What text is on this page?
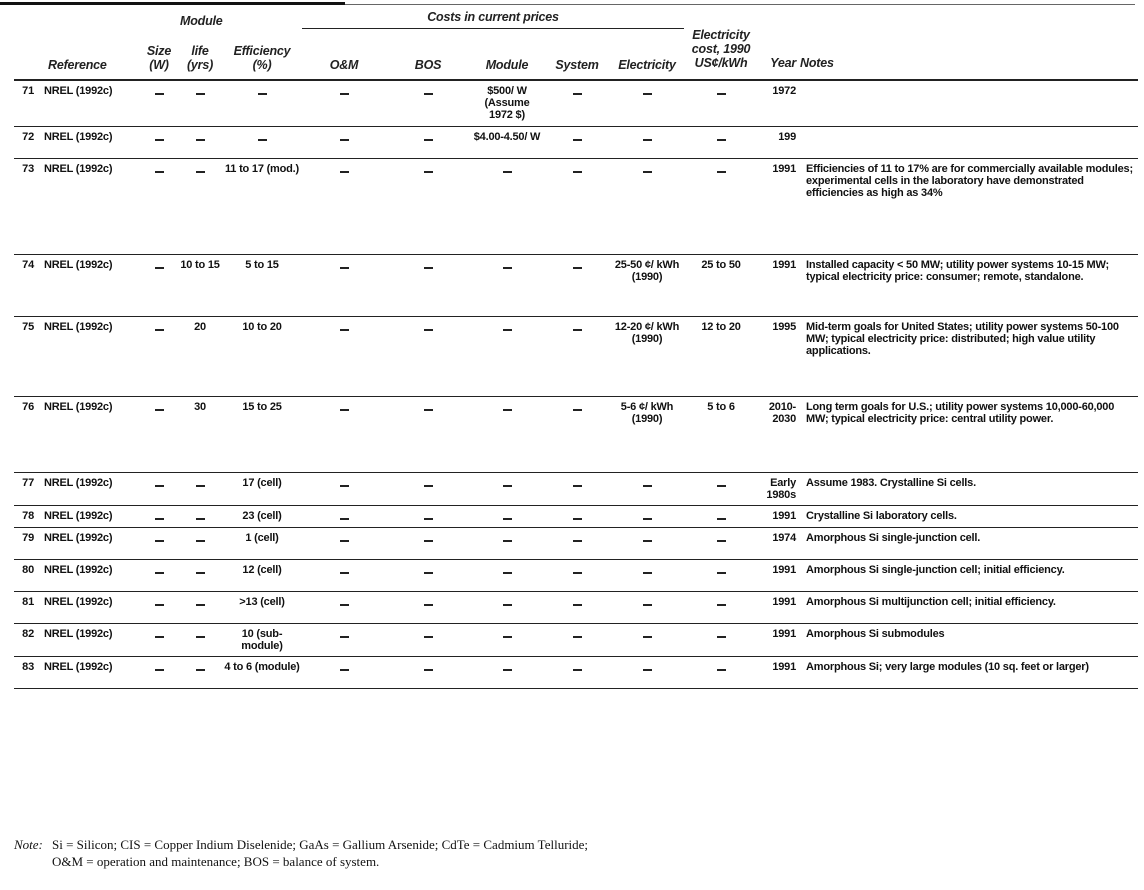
			Module		Costs in current prices					Electricity cost, 1990 US¢/kWh	Year	Notes
	Reference	Size (W)	life (yrs)	Efficiency (%)	O&M	BOS	Module	System	Electricity			
71	NREL (1992c)						$500/ W (Assume 1972 $)				1972	
72	NREL (1992c)						$4.00-4.50/ W				199​	
73	NREL (1992c)			11 to 17 (mod.)							1991	Efficiencies of 11 to 17% are for commercially available modules; experimental cells in the laboratory have demonstrated efficiencies as high as 34%
74	NREL (1992c)		10 to 15	5 to 15					25-50 ¢/ kWh (1990)	25 to 50	1991	Installed capacity < 50 MW; utility power systems 10-15 MW; typical electricity price: consumer; remote, standalone.
75	NREL (1992c)		20	10 to 20					12-20 ¢/ kWh (1990)	12 to 20	1995	Mid-term goals for United States; utility power systems 50-100 MW; typical electricity price: distributed; high value utility applications.
76	NREL (1992c)		30	15 to 25					5-6 ¢/ kWh (1990)	5 to 6	2010-2030	Long term goals for U.S.; utility power systems 10,000-60,000 MW; typical electricity price: central utility power.
77	NREL (1992c)			17 (cell)							Early 1980s	Assume 1983. Crystalline Si cells.
78	NREL (1992c)			23 (cell)							1991	Crystalline Si laboratory cells.
79	NREL (1992c)			1 (cell)							1974	Amorphous Si single-junction cell.
80	NREL (1992c)			12 (cell)							1991	Amorphous Si single-junction cell; initial efficiency.
81	NREL (1992c)			>13 (cell)							1991	Amorphous Si multijunction cell; initial efficiency.
82	NREL (1992c)			10 (sub-module)							1991	Amorphous Si submodules
83	NREL (1992c)			4 to 6 (module)							1991	Amorphous Si; very large modules (10 sq. feet or larger)
Note: Si = Silicon; CIS = Copper Indium Diselenide; GaAs = Gallium Arsenide; CdTe = Cadmium Telluride;
O&M = operation and maintenance; BOS = balance of system.
